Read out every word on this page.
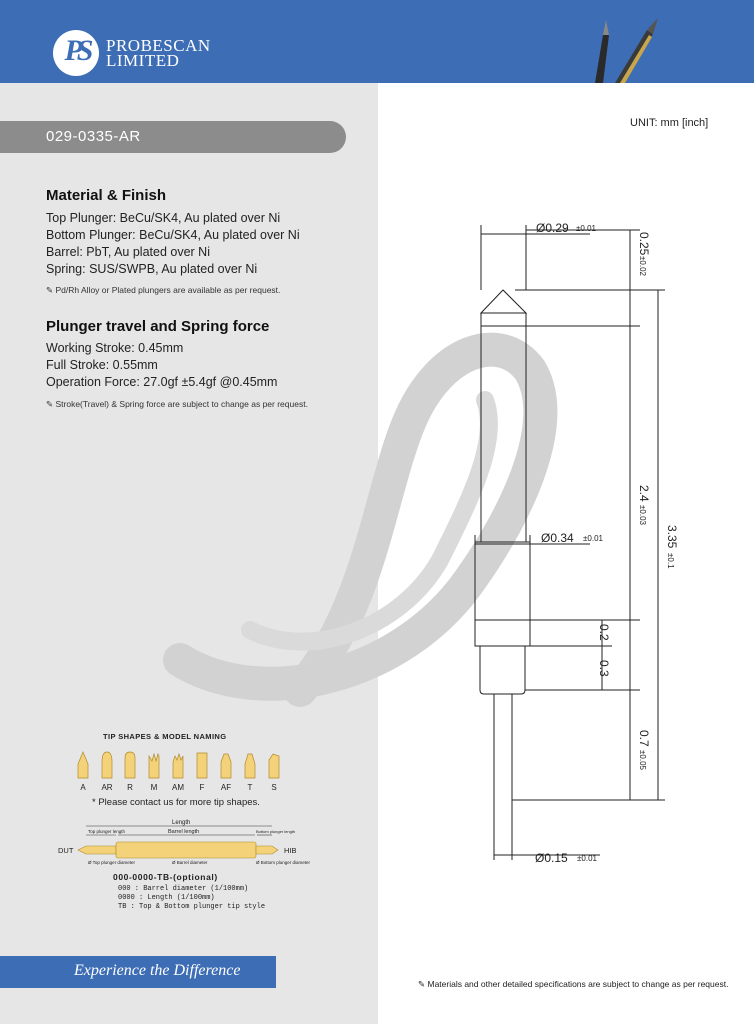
PS	PROBESCAN
LIMITED
029-0335-AR
UNIT: mm [inch]
Material & Finish
Top Plunger: BeCu/SK4, Au plated over Ni
Bottom Plunger: BeCu/SK4, Au plated over Ni
Barrel: PbT, Au plated over Ni
Spring: SUS/SWPB, Au plated over Ni
✎ Pd/Rh Alloy or Plated plungers are available as per request.
Plunger travel and Spring force
Working Stroke: 0.45mm
Full Stroke: 0.55mm
Operation Force: 27.0gf ±5.4gf @0.45mm
✎ Stroke(Travel) & Spring force are subject to change as per request.
Ø0.29 ±0.01
Ø0.34 ±0.01
Ø0.15 ±0.01
0.25
±0.02
2.4
±0.03
3.35
±0.1
0.2
0.3
0.7
±0.05
TIP SHAPES & MODEL NAMING
A	AR	R	M	AM	F	AF	T	S
* Please contact us for more tip shapes.
Length
Top plunger length	Barrel length	Bottom plunger length
DUT	HIB
Ø Top plunger diameter	Ø Barrel diameter	Ø Bottom plunger diameter
000-0000-TB-(optional)
000 : Barrel diameter (1/100mm)
0000 : Length (1/100mm)
TB : Top & Bottom plunger tip style
Experience the Difference
✎ Materials and other detailed specifications are subject to change as per request.
